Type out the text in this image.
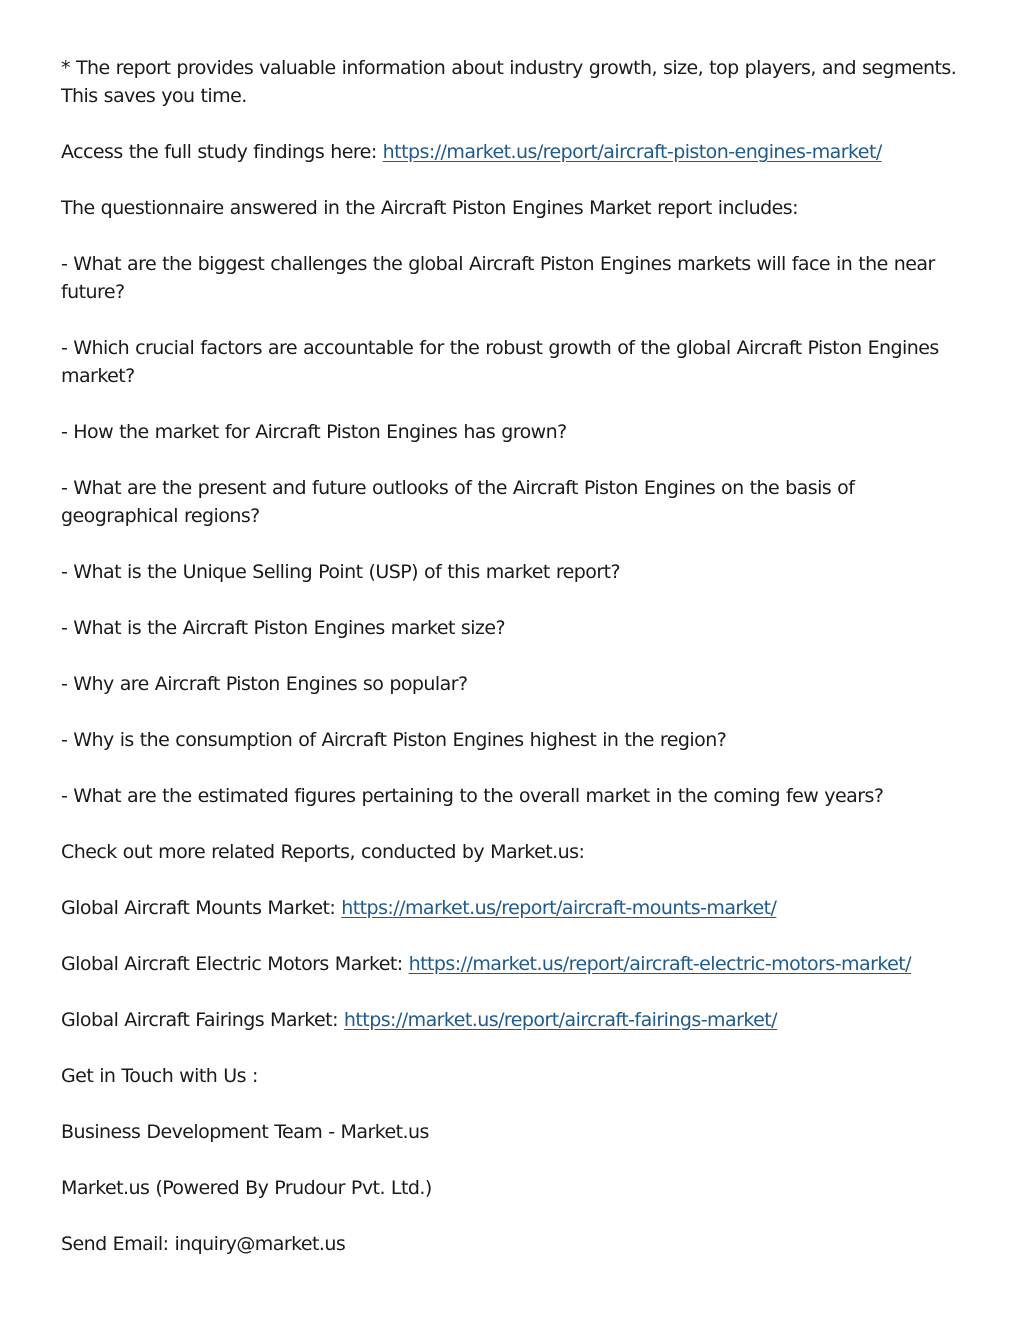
* The report provides valuable information about industry growth, size, top players, and segments. This saves you time.

Access the full study findings here: https://market.us/report/aircraft-piston-engines-market/

The questionnaire answered in the Aircraft Piston Engines Market report includes:

- What are the biggest challenges the global Aircraft Piston Engines markets will face in the near future?

- Which crucial factors are accountable for the robust growth of the global Aircraft Piston Engines market?

- How the market for Aircraft Piston Engines has grown?

- What are the present and future outlooks of the Aircraft Piston Engines on the basis of geographical regions?

- What is the Unique Selling Point (USP) of this market report?

- What is the Aircraft Piston Engines market size?

- Why are Aircraft Piston Engines so popular?

- Why is the consumption of Aircraft Piston Engines highest in the region?

- What are the estimated figures pertaining to the overall market in the coming few years?

Check out more related Reports, conducted by Market.us:

Global Aircraft Mounts Market: https://market.us/report/aircraft-mounts-market/

Global Aircraft Electric Motors Market: https://market.us/report/aircraft-electric-motors-market/

Global Aircraft Fairings Market: https://market.us/report/aircraft-fairings-market/

Get in Touch with Us :

Business Development Team - Market.us

Market.us (Powered By Prudour Pvt. Ltd.)

Send Email: inquiry@market.us
